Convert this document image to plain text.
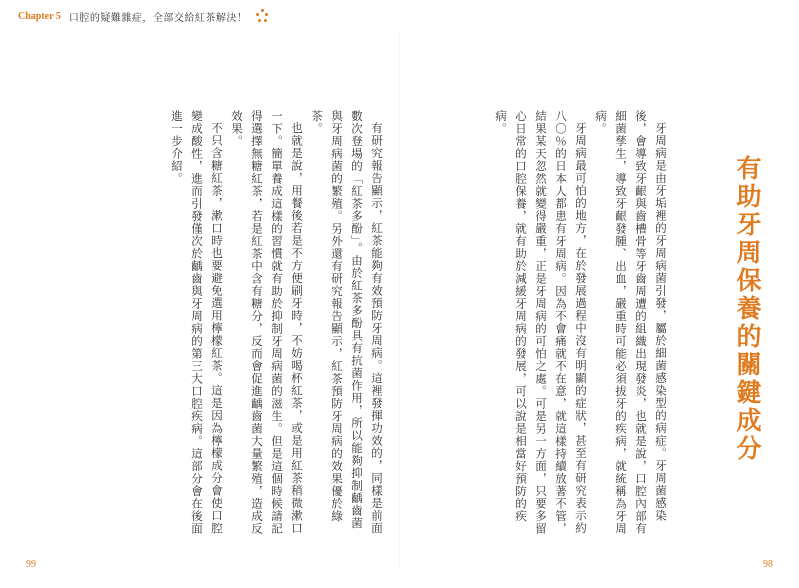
Chapter 5 口腔的疑難雜症，全部交給紅茶解決！
有助牙周保養的關鍵成分

牙周病是由牙垢裡的牙周病菌引發，屬於細菌感染型的病症。牙周菌感染後，會導致牙齦與齒槽骨等牙齒周遭的組織出現發炎，也就是說，口腔內部有細菌孳生，導致牙齦發腫、出血，嚴重時可能必須拔牙的疾病，就統稱為牙周病。

牙周病最可怕的地方，在於發展過程中沒有明顯的症狀，甚至有研究表示約八〇％的日本人都患有牙周病。因為不會痛就不在意，就這樣持續放著不管，結果某天忽然就變得嚴重，正是牙周病的可怕之處。可是另一方面，只要多留心日常的口腔保養，就有助於減緩牙周病的發展，可以說是相當好預防的疾病。

有研究報告顯示，紅茶能夠有效預防牙周病。這裡發揮功效的，同樣是前面數次登場的「紅茶多酚」。由於紅茶多酚具有抗菌作用，所以能夠抑制齲齒菌與牙周病菌的繁殖。另外還有研究報告顯示，紅茶預防牙周病的效果優於綠茶。

也就是說，用餐後若是不方便刷牙時，不妨喝杯紅茶，或是用紅茶稍微漱口一下。簡單養成這樣的習慣就有助於抑制牙周病菌的滋生。但是這個時候請記得選擇無糖紅茶，若是紅茶中含有糖分，反而會促進齲齒菌大量繁殖，造成反效果。

不只含糖紅茶，漱口時也要避免選用檸檬紅茶。這是因為檸檬成分會使口腔變成酸性，進而引發僅次於齲齒與牙周病的第三大口腔疾病。這部分會在後面進一步介紹。

99	98
